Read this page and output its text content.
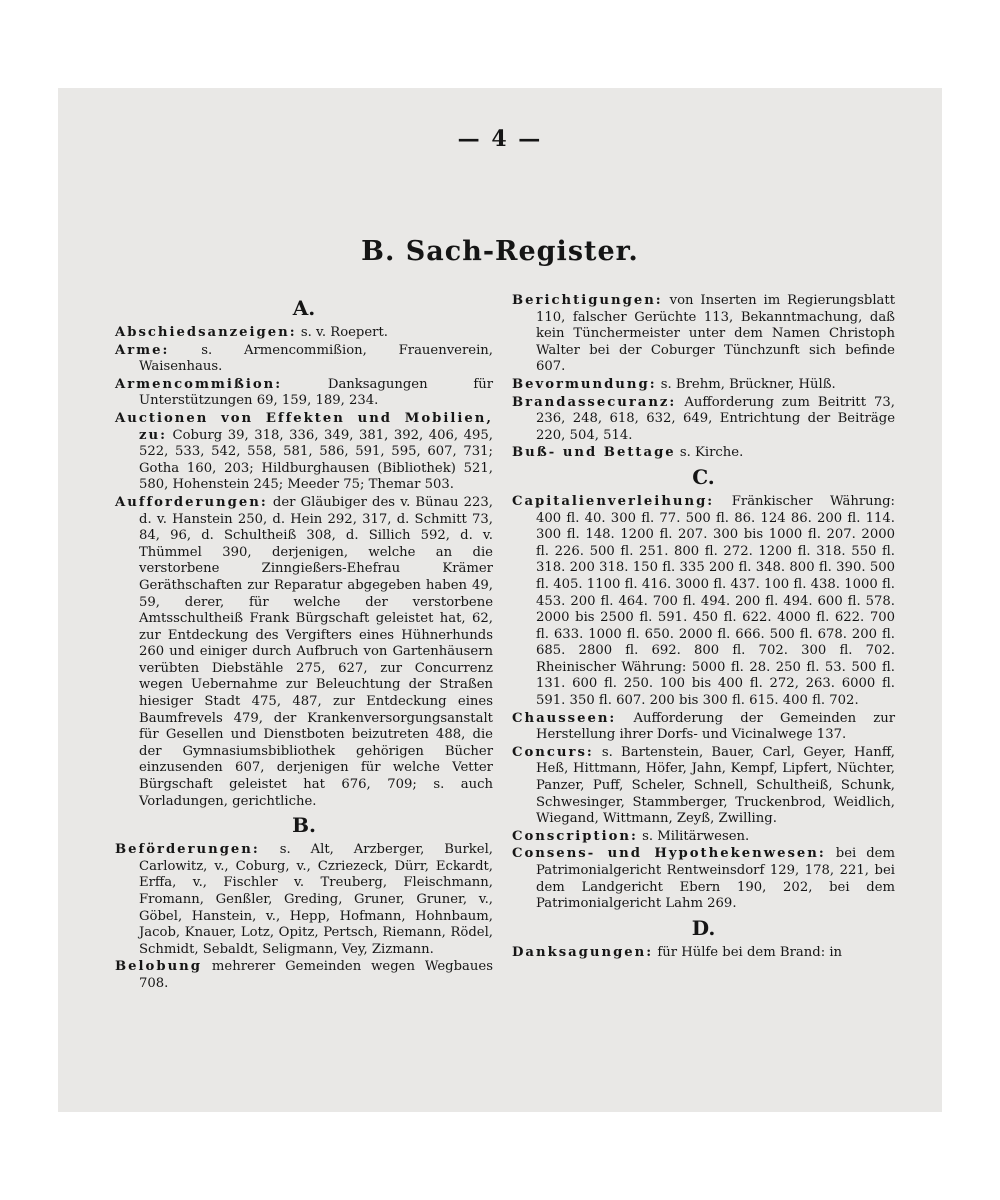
— 4 —
B. Sach-Register.
A.
Abschiedsanzeigen: s. v. Roepert.
Arme: s. Armencommißion, Frauenverein, Waisenhaus.
Armencommißion:	Danksagungen für Unterstützungen 69, 159, 189, 234.
Auctionen von Effekten und Mobilien, zu: Coburg 39, 318, 336, 349, 381, 392, 406, 495, 522, 533, 542, 558, 581, 586, 591, 595, 607, 731; Gotha 160, 203; Hildburghausen (Bibliothek) 521, 580, Hohenstein 245; Meeder 75; Themar 503.
Aufforderungen: der Gläubiger des v. Bünau 223, d. v. Hanstein 250, d. Hein 292, 317, d. Schmitt 73, 84, 96, d. Schultheiß 308, d. Sillich 592, d. v. Thümmel 390, derjenigen, welche an die verstorbene Zinngießers-Ehefrau Krämer Geräthschaften zur Reparatur abgegeben haben 49, 59, derer, für welche der verstorbene Amtsschultheiß Frank Bürgschaft geleistet hat, 62, zur Entdeckung des Vergifters eines Hühnerhunds 260 und einiger durch Aufbruch von Gartenhäusern verübten Diebstähle 275, 627, zur Concurrenz wegen Uebernahme zur Beleuchtung der Straßen hiesiger Stadt 475, 487, zur Entdeckung eines Baumfrevels 479, der Krankenversorgungsanstalt für Gesellen und Dienstboten beizutreten 488, die der Gymnasiumsbibliothek gehörigen Bücher einzusenden 607, derjenigen für welche Vetter Bürgschaft geleistet hat 676, 709; s. auch Vorladungen, gerichtliche.
B.
Beförderungen: s. Alt, Arzberger, Burkel, Carlowitz, v., Coburg, v., Czriezeck, Dürr, Eckardt, Erffa, v., Fischler v. Treuberg, Fleischmann, Fromann, Genßler, Greding, Gruner, Gruner, v., Göbel, Hanstein, v., Hepp, Hofmann, Hohnbaum, Jacob, Knauer, Lotz, Opitz, Pertsch, Riemann, Rödel, Schmidt, Sebaldt, Seligmann, Vey, Zizmann.
Belobung mehrerer Gemeinden wegen Wegbaues 708.
Berichtigungen: von Inserten im Regierungsblatt 110, falscher Gerüchte 113, Bekanntmachung, daß kein Tünchermeister unter dem Namen Christoph Walter bei der Coburger Tünchzunft sich befinde 607.
Bevormundung: s. Brehm, Brückner, Hülß.
Brandassecuranz: Aufforderung zum Beitritt 73, 236, 248, 618, 632, 649, Entrichtung der Beiträge 220, 504, 514.
Buß- und Bettage s. Kirche.
C.
Capitalienverleihung: Fränkischer Währung: 400 fl. 40. 300 fl. 77. 500 fl. 86. 124 86. 200 fl. 114. 300 fl. 148. 1200 fl. 207. 300 bis 1000 fl. 207. 2000 fl. 226. 500 fl. 251. 800 fl. 272. 1200 fl. 318. 550 fl. 318. 200 318. 150 fl. 335 200 fl. 348. 800 fl. 390. 500 fl. 405. 1100 fl. 416. 3000 fl. 437. 100 fl. 438. 1000 fl. 453. 200 fl. 464. 700 fl. 494. 200 fl. 494. 600 fl. 578. 2000 bis 2500 fl. 591. 450 fl. 622. 4000 fl. 622. 700 fl. 633. 1000 fl. 650. 2000 fl. 666. 500 fl. 678. 200 fl. 685. 2800 fl. 692. 800 fl. 702. 300 fl. 702. Rheinischer Währung: 5000 fl. 28. 250 fl. 53. 500 fl. 131. 600 fl. 250. 100 bis 400 fl. 272, 263. 6000 fl. 591. 350 fl. 607. 200 bis 300 fl. 615. 400 fl. 702.
Chausseen: Aufforderung der Gemeinden zur Herstellung ihrer Dorfs- und Vicinalwege 137.
Concurs: s. Bartenstein, Bauer, Carl, Geyer, Hanff, Heß, Hittmann, Höfer, Jahn, Kempf, Lipfert, Nüchter, Panzer, Puff, Scheler, Schnell, Schultheiß, Schunk, Schwesinger, Stammberger, Truckenbrod, Weidlich, Wiegand, Wittmann, Zeyß, Zwilling.
Conscription: s. Militärwesen.
Consens- und Hypothekenwesen: bei dem Patrimonialgericht Rentweinsdorf 129, 178, 221, bei dem Landgericht Ebern 190, 202, bei dem Patrimonialgericht Lahm 269.
D.
Danksagungen: für Hülfe bei dem Brand: in
